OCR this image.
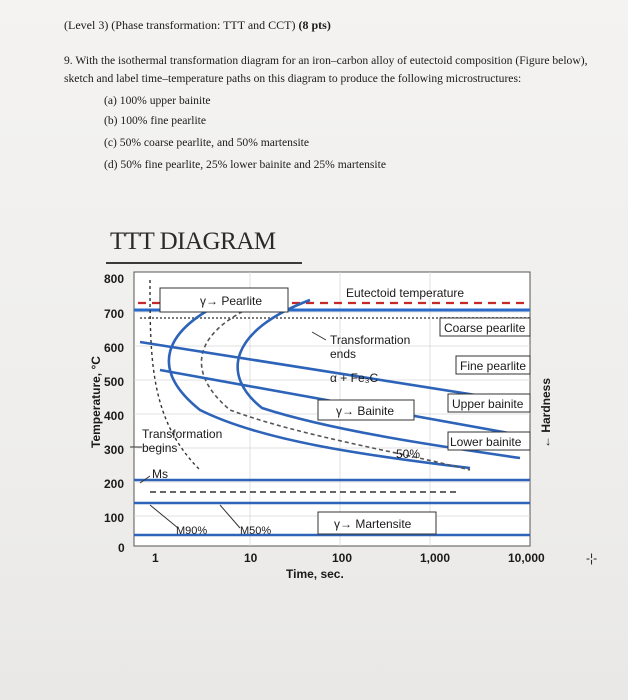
(Level 3) (Phase transformation: TTT and CCT) (8 pts)
9. With the isothermal transformation diagram for an iron–carbon alloy of eutectoid composition (Figure below), sketch and label time–temperature paths on this diagram to produce the following microstructures:
(a) 100% upper bainite
(b) 100% fine pearlite
(c) 50% coarse pearlite, and 50% martensite
(d) 50% fine pearlite, 25% lower bainite and 25% martensite
TTT DIAGRAM
γ→ Pearlite
Eutectoid temperature
Coarse pearlite
Fine pearlite
Upper bainite
Lower bainite
Transformation
ends
α + Fe₃C
γ→ Bainite
Transformation
begins	50%
Ms
M90%	M50%	γ→ Martensite
← Hardness
-¦-
Temperature, °C
Time, sec.
800
700
600
500
400
300
200
100
0
1	10	100	1,000	10,000
